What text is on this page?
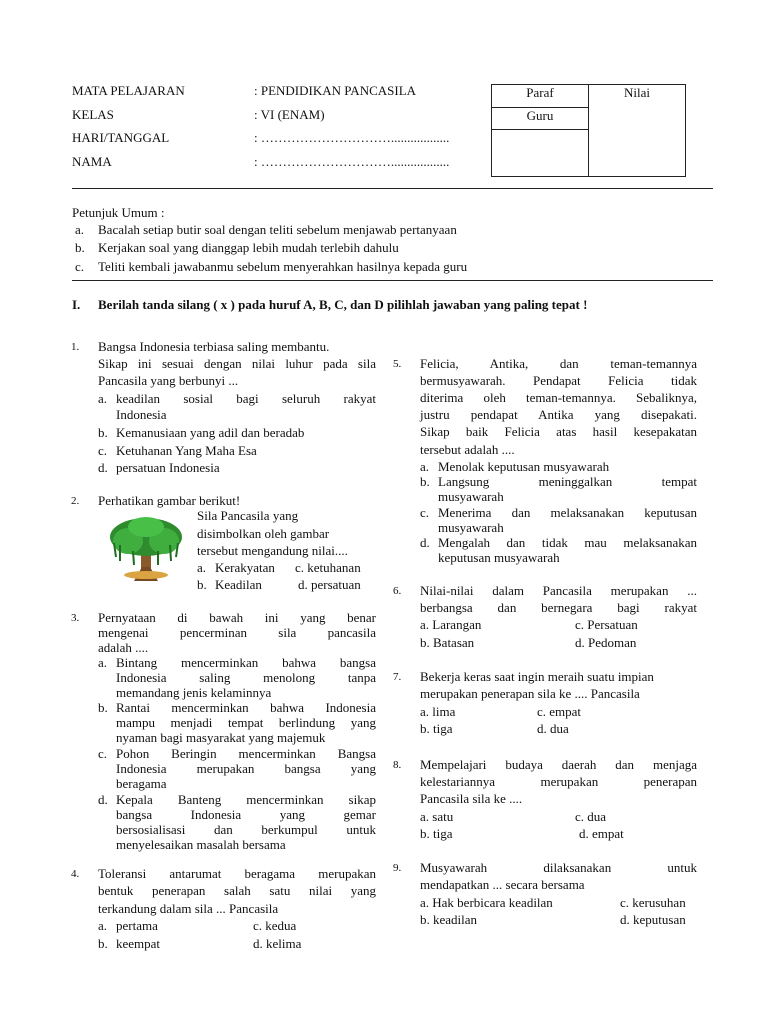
MATA PELAJARAN	: PENDIDIKAN PANCASILA
KELAS	: VI (ENAM)
HARI/TANGGAL	: …………………………..................
NAMA	: …………………………..................
Paraf	Nilai
Guru

Petunjuk Umum :
a. Bacalah setiap butir soal dengan teliti sebelum menjawab pertanyaan
b. Kerjakan soal yang dianggap lebih mudah terlebih dahulu
c. Teliti kembali jawabanmu sebelum menyerahkan hasilnya kepada guru
I. Berilah tanda silang ( x ) pada huruf A, B, C, dan D pilihlah jawaban yang paling tepat !
1. Bangsa Indonesia terbiasa saling membantu.
Sikap ini sesuai dengan nilai luhur pada sila
Pancasila yang berbunyi ...
a. keadilan sosial bagi seluruh rakyat
Indonesia
b. Kemanusiaan yang adil dan beradab
c. Ketuhanan Yang Maha Esa
d. persatuan Indonesia
2. Perhatikan gambar berikut!
Sila Pancasila yang
disimbolkan oleh gambar
tersebut mengandung nilai....
a. Kerakyatan c. ketuhanan
b. Keadilan	d. persatuan
3. Pernyataan di bawah ini yang benar
mengenai pencerminan sila pancasila
adalah ....
a. Bintang mencerminkan bahwa bangsa
Indonesia saling menolong tanpa
memandang jenis kelaminnya
b. Rantai mencerminkan bahwa Indonesia
mampu menjadi tempat berlindung yang
nyaman bagi masyarakat yang majemuk
c. Pohon Beringin mencerminkan Bangsa
Indonesia merupakan bangsa yang
beragama
d. Kepala Banteng mencerminkan sikap
bangsa Indonesia yang gemar
bersosialisasi dan berkumpul untuk
menyelesaikan masalah bersama
4. Toleransi antarumat beragama merupakan
bentuk penerapan salah satu nilai yang
terkandung dalam sila ... Pancasila
a. pertama	c. kedua
b. keempat	d. kelima
5. Felicia, Antika, dan teman-temannya
bermusyawarah. Pendapat Felicia tidak
diterima oleh teman-temannya. Sebaliknya,
justru pendapat Antika yang disepakati.
Sikap baik Felicia atas hasil kesepakatan
tersebut adalah ....
a. Menolak keputusan musyawarah
b. Langsung meninggalkan tempat
musyawarah
c. Menerima dan melaksanakan keputusan
musyawarah
d. Mengalah dan tidak mau melaksanakan
keputusan musyawarah
6. Nilai-nilai dalam Pancasila merupakan ...
berbangsa dan bernegara bagi rakyat
a. Larangan	c. Persatuan
b. Batasan	d. Pedoman
7. Bekerja keras saat ingin meraih suatu impian
merupakan penerapan sila ke .... Pancasila
a. lima	c. empat
b. tiga	d. dua
8. Mempelajari budaya daerah dan menjaga
kelestariannya merupakan penerapan
Pancasila sila ke ....
a. satu	c. dua
b. tiga	d. empat
9. Musyawarah dilaksanakan untuk
mendapatkan ... secara bersama
a. Hak berbicara keadilan	c. kerusuhan
b. keadilan	d. keputusan
